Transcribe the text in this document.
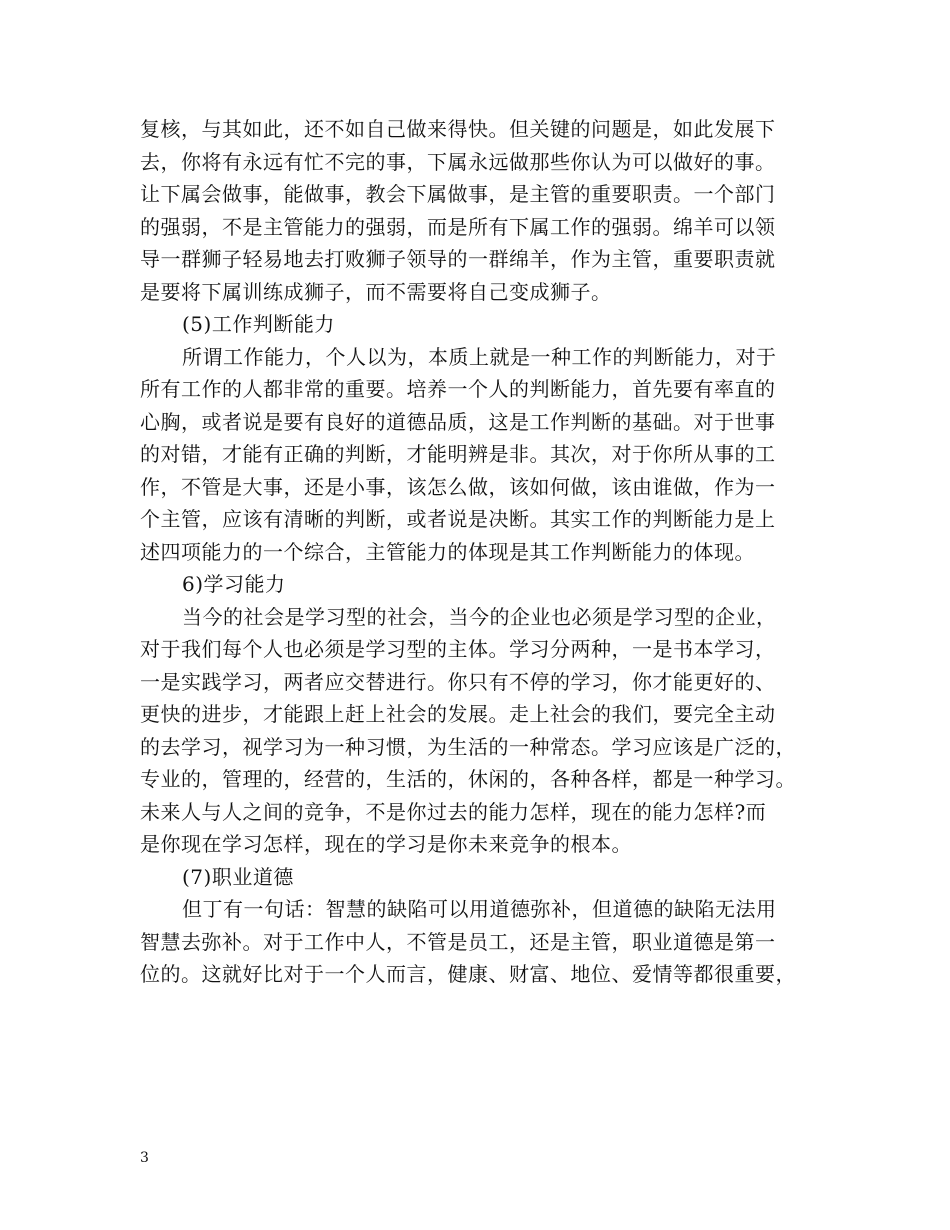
复核，与其如此，还不如自己做来得快。但关键的问题是，如此发展下
去，你将有永远有忙不完的事，下属永远做那些你认为可以做好的事。
让下属会做事，能做事，教会下属做事，是主管的重要职责。一个部门
的强弱，不是主管能力的强弱，而是所有下属工作的强弱。绵羊可以领
导一群狮子轻易地去打败狮子领导的一群绵羊，作为主管，重要职责就
是要将下属训练成狮子，而不需要将自己变成狮子。
(5)工作判断能力
所谓工作能力，个人以为，本质上就是一种工作的判断能力，对于
所有工作的人都非常的重要。培养一个人的判断能力，首先要有率直的
心胸，或者说是要有良好的道德品质，这是工作判断的基础。对于世事
的对错，才能有正确的判断，才能明辨是非。其次，对于你所从事的工
作，不管是大事，还是小事，该怎么做，该如何做，该由谁做，作为一
个主管，应该有清晰的判断，或者说是决断。其实工作的判断能力是上
述四项能力的一个综合，主管能力的体现是其工作判断能力的体现。
6)学习能力
当今的社会是学习型的社会，当今的企业也必须是学习型的企业，
对于我们每个人也必须是学习型的主体。学习分两种，一是书本学习，
一是实践学习，两者应交替进行。你只有不停的学习，你才能更好的、
更快的进步，才能跟上赶上社会的发展。走上社会的我们，要完全主动
的去学习，视学习为一种习惯，为生活的一种常态。学习应该是广泛的，
专业的，管理的，经营的，生活的，休闲的，各种各样，都是一种学习。
未来人与人之间的竞争，不是你过去的能力怎样，现在的能力怎样?而
是你现在学习怎样，现在的学习是你未来竞争的根本。
(7)职业道德
但丁有一句话：智慧的缺陷可以用道德弥补，但道德的缺陷无法用
智慧去弥补。对于工作中人，不管是员工，还是主管，职业道德是第一
位的。这就好比对于一个人而言，健康、财富、地位、爱情等都很重要，
3
